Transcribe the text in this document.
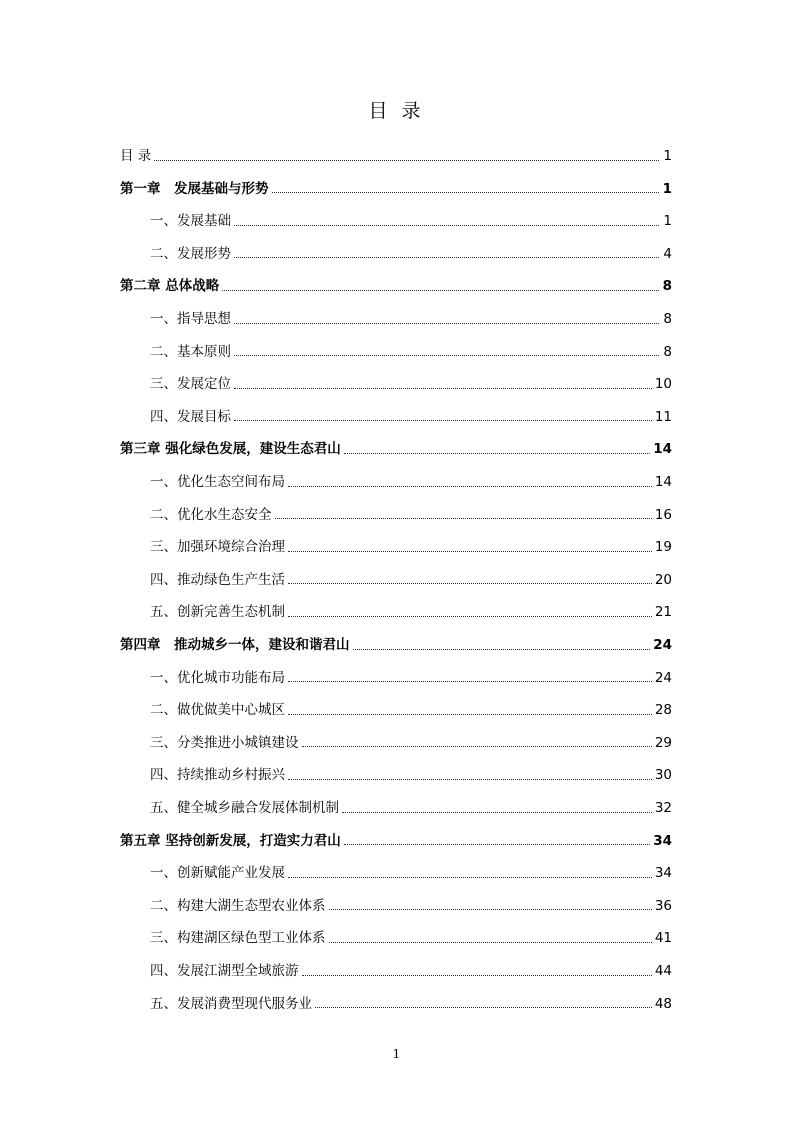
目 录
目 录	1
第一章　发展基础与形势	1
一、发展基础	1
二、发展形势	4
第二章 总体战略	8
一、指导思想	8
二、基本原则	8
三、发展定位	10
四、发展目标	11
第三章 强化绿色发展，建设生态君山	14
一、优化生态空间布局	14
二、优化水生态安全	16
三、加强环境综合治理	19
四、推动绿色生产生活	20
五、创新完善生态机制	21
第四章　推动城乡一体，建设和谐君山	24
一、优化城市功能布局	24
二、做优做美中心城区	28
三、分类推进小城镇建设	29
四、持续推动乡村振兴	30
五、健全城乡融合发展体制机制	32
第五章 坚持创新发展，打造实力君山	34
一、创新赋能产业发展	34
二、构建大湖生态型农业体系	36
三、构建湖区绿色型工业体系	41
四、发展江湖型全域旅游	44
五、发展消费型现代服务业	48
1
